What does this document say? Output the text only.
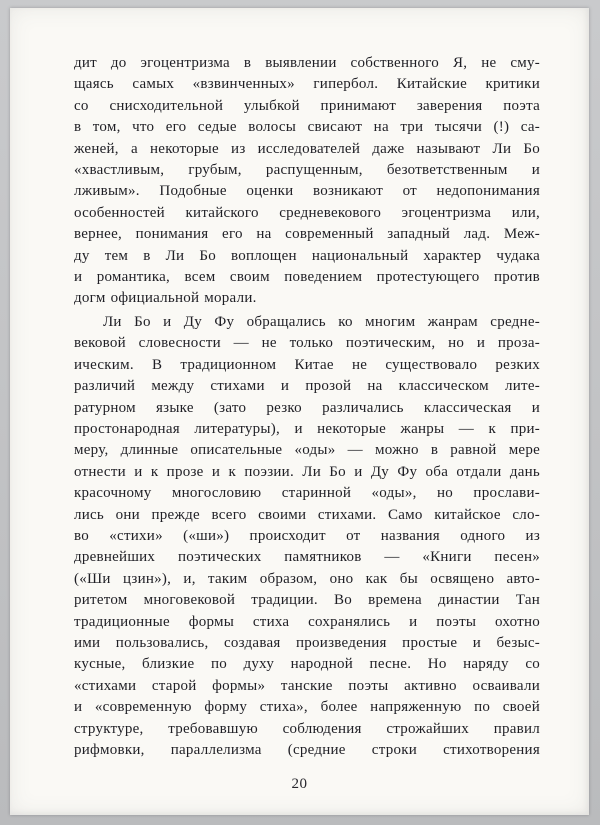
дит до эгоцентризма в выявлении собственного Я, не сму-
щаясь самых «взвинченных» гипербол. Китайские критики
со снисходительной улыбкой принимают заверения поэта
в том, что его седые волосы свисают на три тысячи (!) са-
женей, а некоторые из исследователей даже называют Ли Бо
«хвастливым, грубым, распущенным, безответственным и
лживым». Подобные оценки возникают от недопонимания
особенностей китайского средневекового эгоцентризма или,
вернее, понимания его на современный западный лад. Меж-
ду тем в Ли Бо воплощен национальный характер чудака
и романтика, всем своим поведением протестующего против
догм официальной морали.
Ли Бо и Ду Фу обращались ко многим жанрам средне-
вековой словесности — не только поэтическим, но и проза-
ическим. В традиционном Китае не существовало резких
различий между стихами и прозой на классическом лите-
ратурном языке (зато резко различались классическая и
простонародная литературы), и некоторые жанры — к при-
меру, длинные описательные «оды» — можно в равной мере
отнести и к прозе и к поэзии. Ли Бо и Ду Фу оба отдали дань
красочному многословию старинной «оды», но прослави-
лись они прежде всего своими стихами. Само китайское сло-
во «стихи» («ши») происходит от названия одного из
древнейших поэтических памятников — «Книги песен»
(«Ши цзин»), и, таким образом, оно как бы освящено авто-
ритетом многовековой традиции. Во времена династии Тан
традиционные формы стиха сохранялись и поэты охотно
ими пользовались, создавая произведения простые и безыс-
кусные, близкие по духу народной песне. Но наряду со
«стихами старой формы» танские поэты активно осваивали
и «современную форму стиха», более напряженную по своей
структуре, требовавшую соблюдения строжайших правил
рифмовки, параллелизма (средние строки стихотворения
20
